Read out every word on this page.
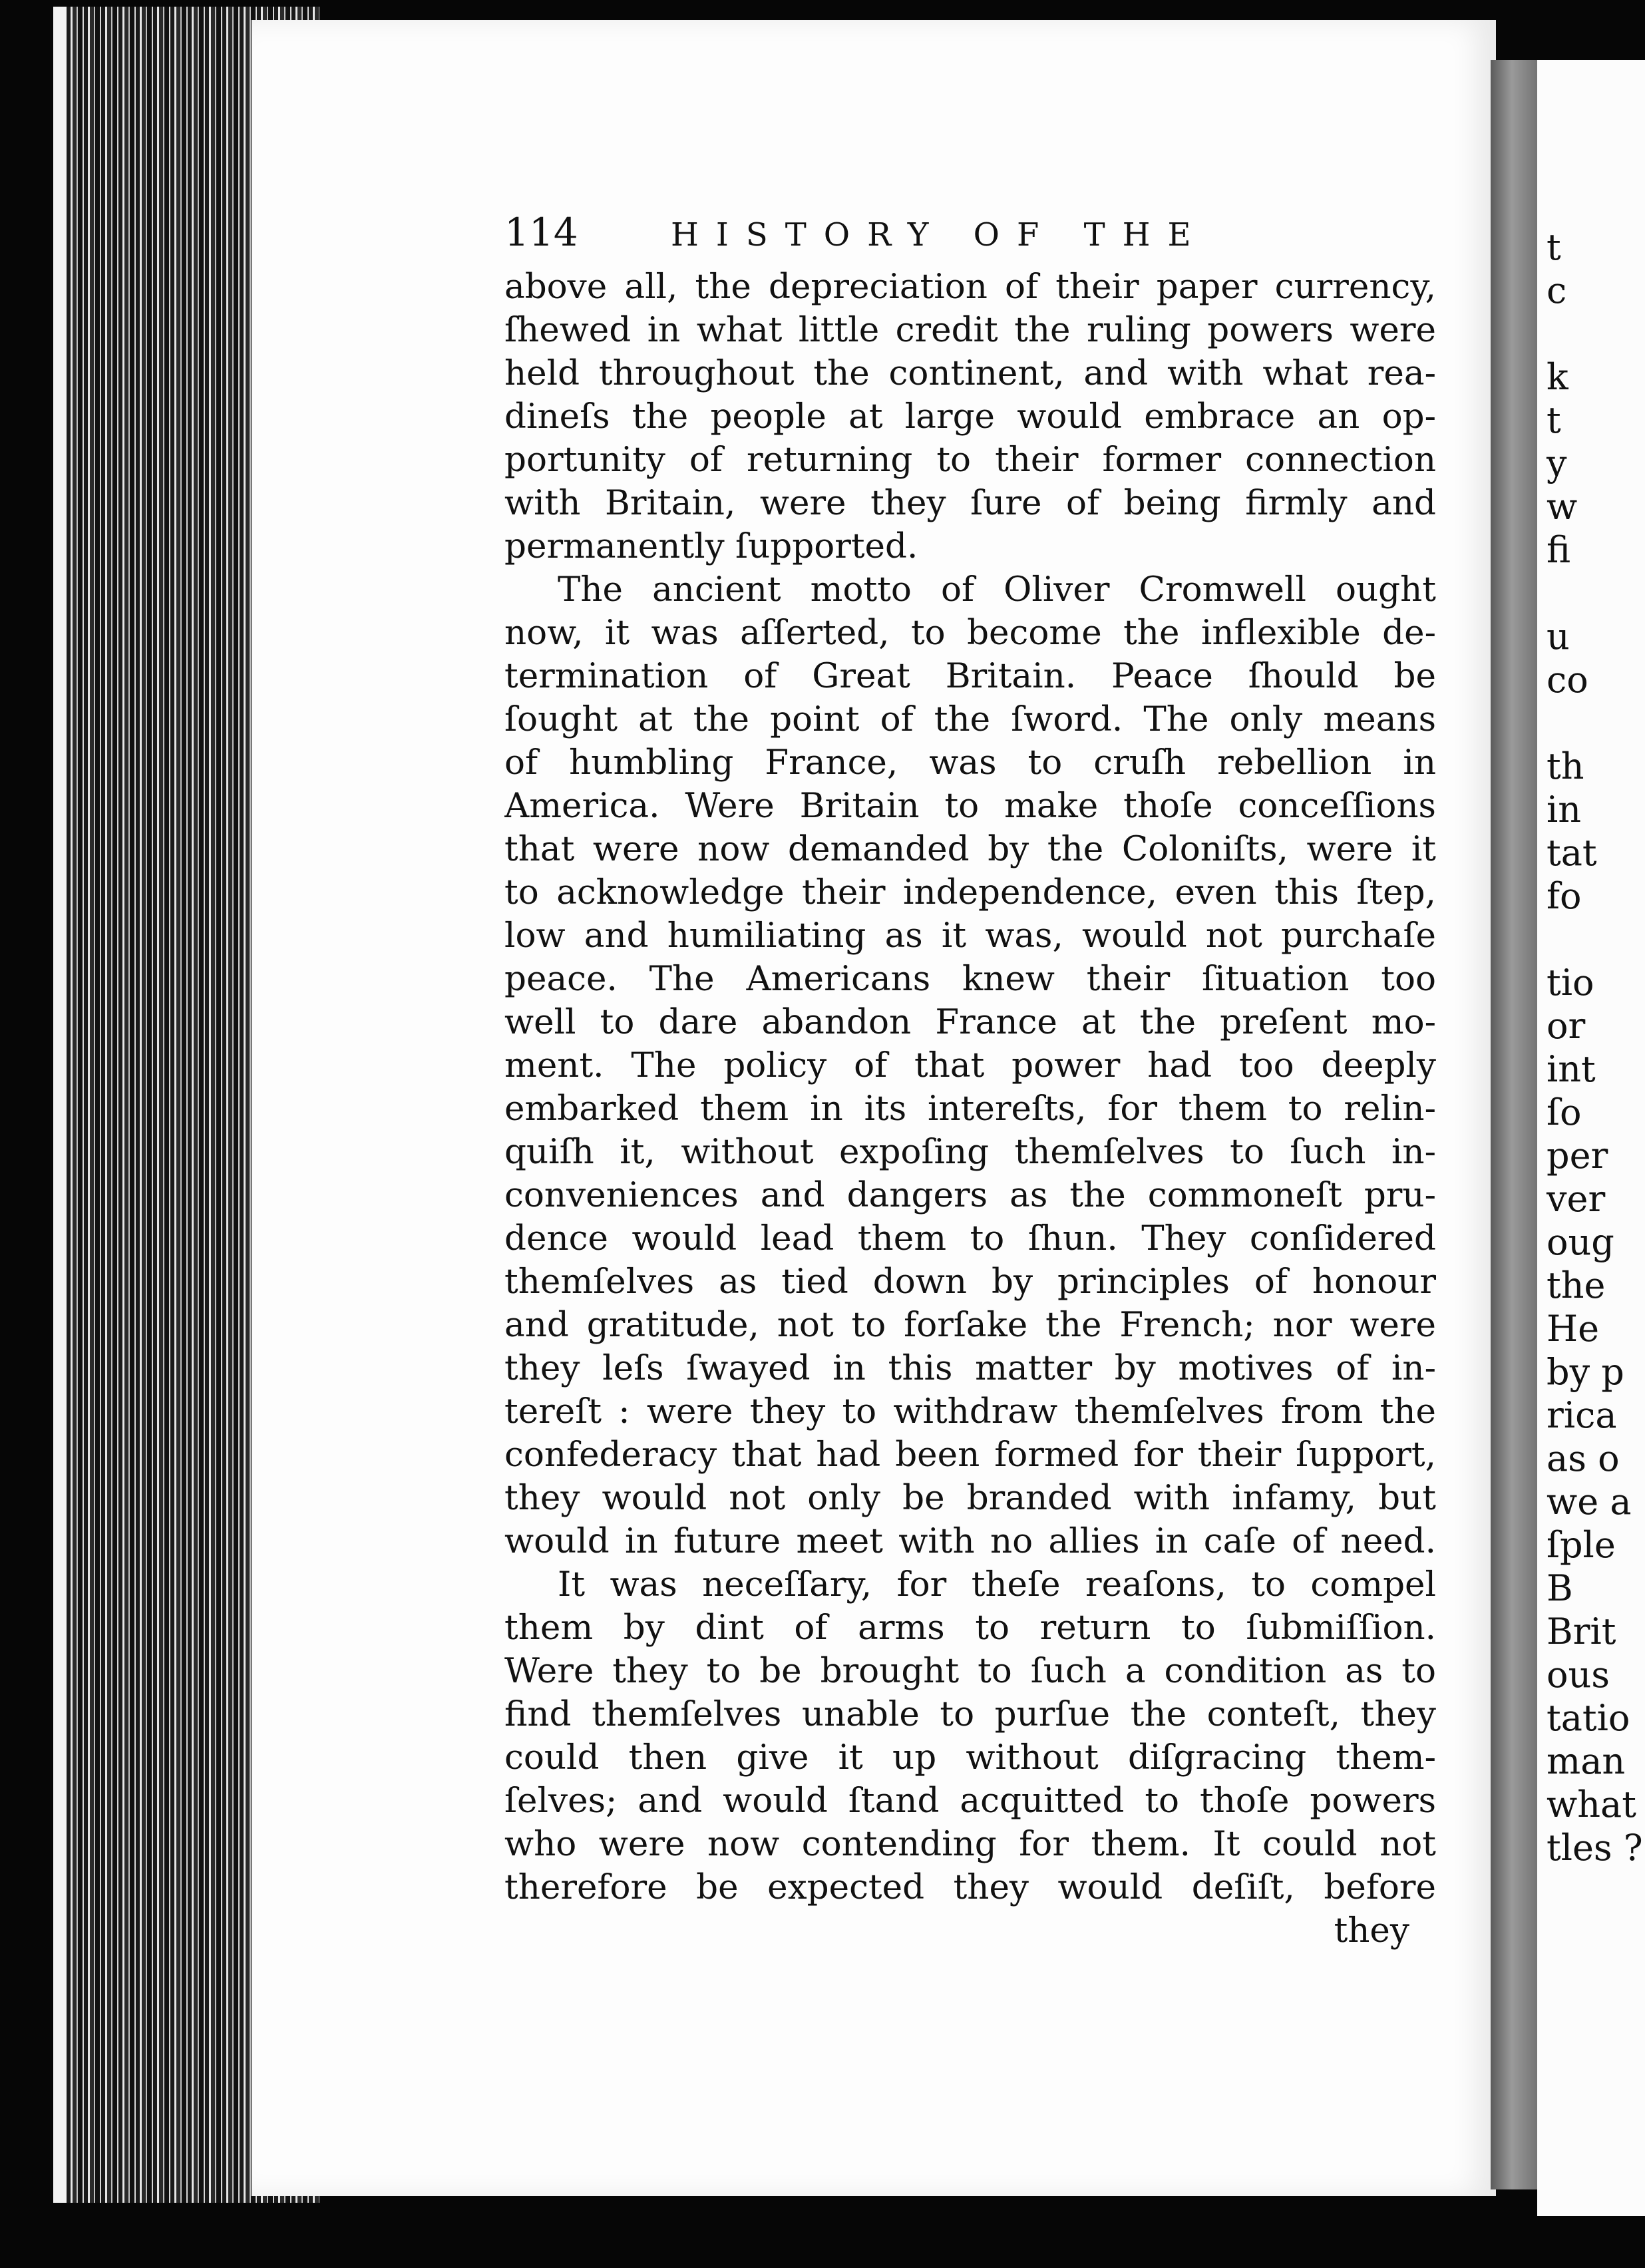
114	HISTORY OF THE
above all, the depreciation of their paper currency,
ſhewed in what little credit the ruling powers were
held throughout the continent, and with what rea-
dineſs the people at large would embrace an op-
portunity of returning to their former connection
with Britain, were they ſure of being firmly and
permanently ſupported.
The ancient motto of Oliver Cromwell ought
now, it was aſſerted, to become the inflexible de-
termination of Great Britain. Peace ſhould be
ſought at the point of the ſword. The only means
of humbling France, was to cruſh rebellion in
America. Were Britain to make thoſe conceſſions
that were now demanded by the Coloniſts, were it
to acknowledge their independence, even this ſtep,
low and humiliating as it was, would not purchaſe
peace. The Americans knew their ſituation too
well to dare abandon France at the preſent mo-
ment. The policy of that power had too deeply
embarked them in its intereſts, for them to relin-
quiſh it, without expoſing themſelves to ſuch in-
conveniences and dangers as the commoneſt pru-
dence would lead them to ſhun. They conſidered
themſelves as tied down by principles of honour
and gratitude, not to forſake the French; nor were
they leſs ſwayed in this matter by motives of in-
tereſt : were they to withdraw themſelves from the
confederacy that had been formed for their ſupport,
they would not only be branded with infamy, but
would in future meet with no allies in caſe of need.
It was neceſſary, for theſe reaſons, to compel
them by dint of arms to return to ſubmiſſion.
Were they to be brought to ſuch a condition as to
find themſelves unable to purſue the conteſt, they
could then give it up without diſgracing them-
ſelves; and would ſtand acquitted to thoſe powers
who were now contending for them. It could not
therefore be expected they would deſiſt, before
they
t
c
k
t
y
w
fi
u
co
th
in
tat
fo
tio
or
int
ſo
per
ver
oug
the
He
by p
rica
as o
we a
ſple
B
Brit
ous
tatio
man
what
tles ?
